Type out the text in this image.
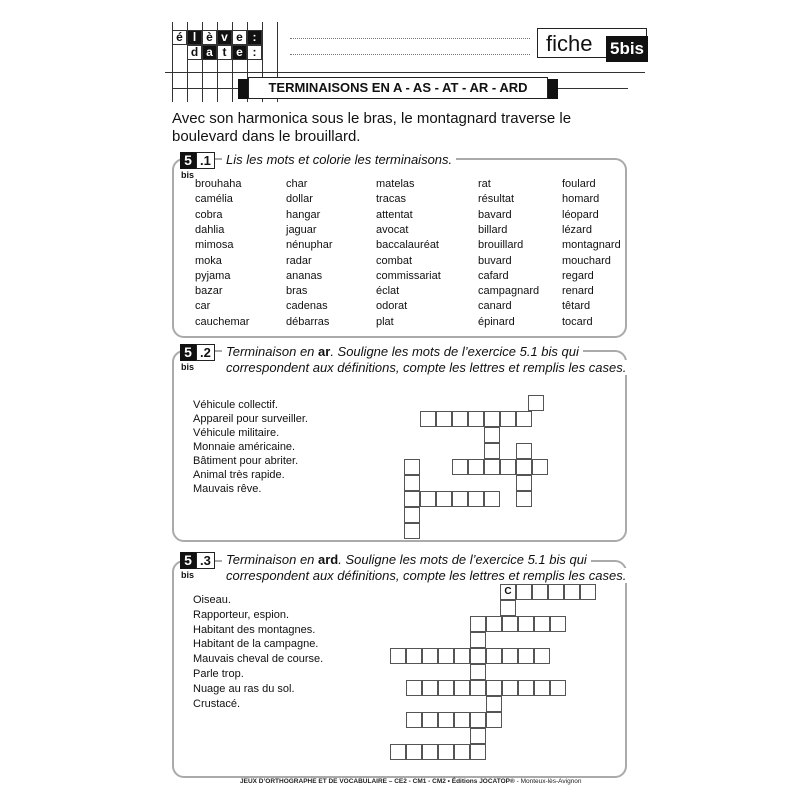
é l è v e :
d a t e :	fiche 5bis
TERMINAISONS EN A - AS - AT - AR - ARD
Avec son harmonica sous le bras, le montagnard traverse le boulevard dans le brouillard.
5 .1
bis
Lis les mots et colorie les terminaisons.
brouhaha
camélia
cobra
dahlia
mimosa
moka
pyjama
bazar
car
cauchemar
char
dollar
hangar
jaguar
nénuphar
radar
ananas
bras
cadenas
débarras
matelas
tracas
attentat
avocat
baccalauréat
combat
commissariat
éclat
odorat
plat
rat
résultat
bavard
billard
brouillard
buvard
cafard
campagnard
canard
épinard
foulard
homard
léopard
lézard
montagnard
mouchard
regard
renard
têtard
tocard
5 .2
bis
Terminaison en ar. Souligne les mots de l’exercice 5.1 bis qui
correspondent aux définitions, compte les lettres et remplis les cases.
Véhicule collectif.
Appareil pour surveiller.
Véhicule militaire.
Monnaie américaine.
Bâtiment pour abriter.
Animal très rapide.
Mauvais rêve.
5 .3
bis
Terminaison en ard. Souligne les mots de l’exercice 5.1 bis qui
correspondent aux définitions, compte les lettres et remplis les cases.
Oiseau.
Rapporteur, espion.
Habitant des montagnes.
Habitant de la campagne.
Mauvais cheval de course.
Parle trop.
Nuage au ras du sol.
Crustacé.
C
JEUX D’ORTHOGRAPHE ET DE VOCABULAIRE – CE2 - CM1 - CM2 • Éditions JOCATOP® - Monteux-lès-Avignon
